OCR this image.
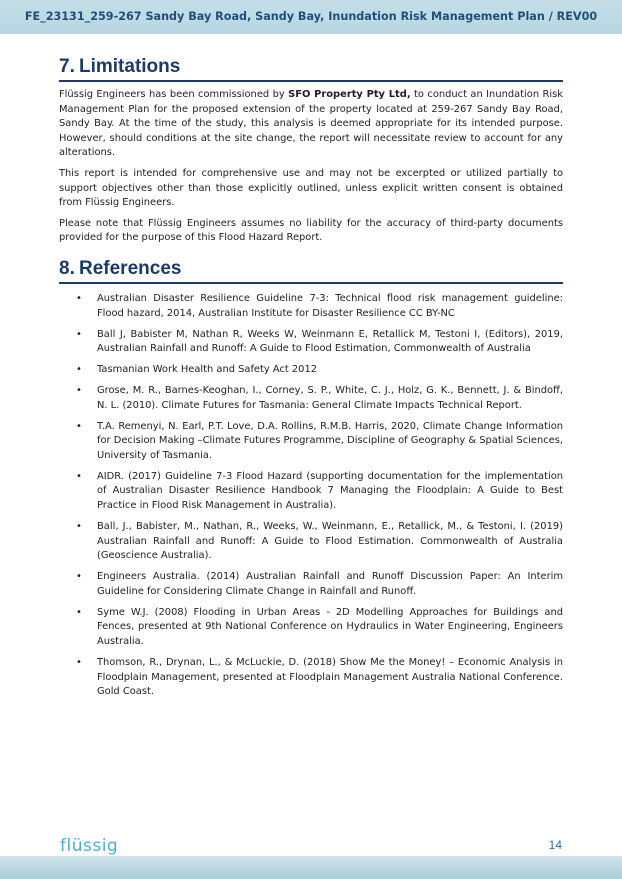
FE_23131_259-267 Sandy Bay Road, Sandy Bay, Inundation Risk Management Plan / REV00
7. Limitations

Flüssig Engineers has been commissioned by SFO Property Pty Ltd, to conduct an Inundation Risk Management Plan for the proposed extension of the property located at 259-267 Sandy Bay Road, Sandy Bay. At the time of the study, this analysis is deemed appropriate for its intended purpose. However, should conditions at the site change, the report will necessitate review to account for any alterations.

This report is intended for comprehensive use and may not be excerpted or utilized partially to support objectives other than those explicitly outlined, unless explicit written consent is obtained from Flüssig Engineers.

Please note that Flüssig Engineers assumes no liability for the accuracy of third-party documents provided for the purpose of this Flood Hazard Report.

8. References
• Australian Disaster Resilience Guideline 7-3: Technical flood risk management guideline: Flood hazard, 2014, Australian Institute for Disaster Resilience CC BY-NC
• Ball J, Babister M, Nathan R, Weeks W, Weinmann E, Retallick M, Testoni I, (Editors), 2019, Australian Rainfall and Runoff: A Guide to Flood Estimation, Commonwealth of Australia
• Tasmanian Work Health and Safety Act 2012
• Grose, M. R., Barnes-Keoghan, I., Corney, S. P., White, C. J., Holz, G. K., Bennett, J. & Bindoff, N. L. (2010). Climate Futures for Tasmania: General Climate Impacts Technical Report.
• T.A. Remenyi, N. Earl, P.T. Love, D.A. Rollins, R.M.B. Harris, 2020, Climate Change Information for Decision Making –Climate Futures Programme, Discipline of Geography & Spatial Sciences, University of Tasmania.
• AIDR. (2017) Guideline 7-3 Flood Hazard (supporting documentation for the implementation of Australian Disaster Resilience Handbook 7 Managing the Floodplain: A Guide to Best Practice in Flood Risk Management in Australia).
• Ball, J., Babister, M., Nathan, R., Weeks, W., Weinmann, E., Retallick, M., & Testoni, I. (2019) Australian Rainfall and Runoff: A Guide to Flood Estimation. Commonwealth of Australia (Geoscience Australia).
• Engineers Australia. (2014) Australian Rainfall and Runoff Discussion Paper: An Interim Guideline for Considering Climate Change in Rainfall and Runoff.
• Syme W.J. (2008) Flooding in Urban Areas - 2D Modelling Approaches for Buildings and Fences, presented at 9th National Conference on Hydraulics in Water Engineering, Engineers Australia.
• Thomson, R., Drynan, L., & McLuckie, D. (2018) Show Me the Money! – Economic Analysis in Floodplain Management, presented at Floodplain Management Australia National Conference. Gold Coast.
flüssig	14
